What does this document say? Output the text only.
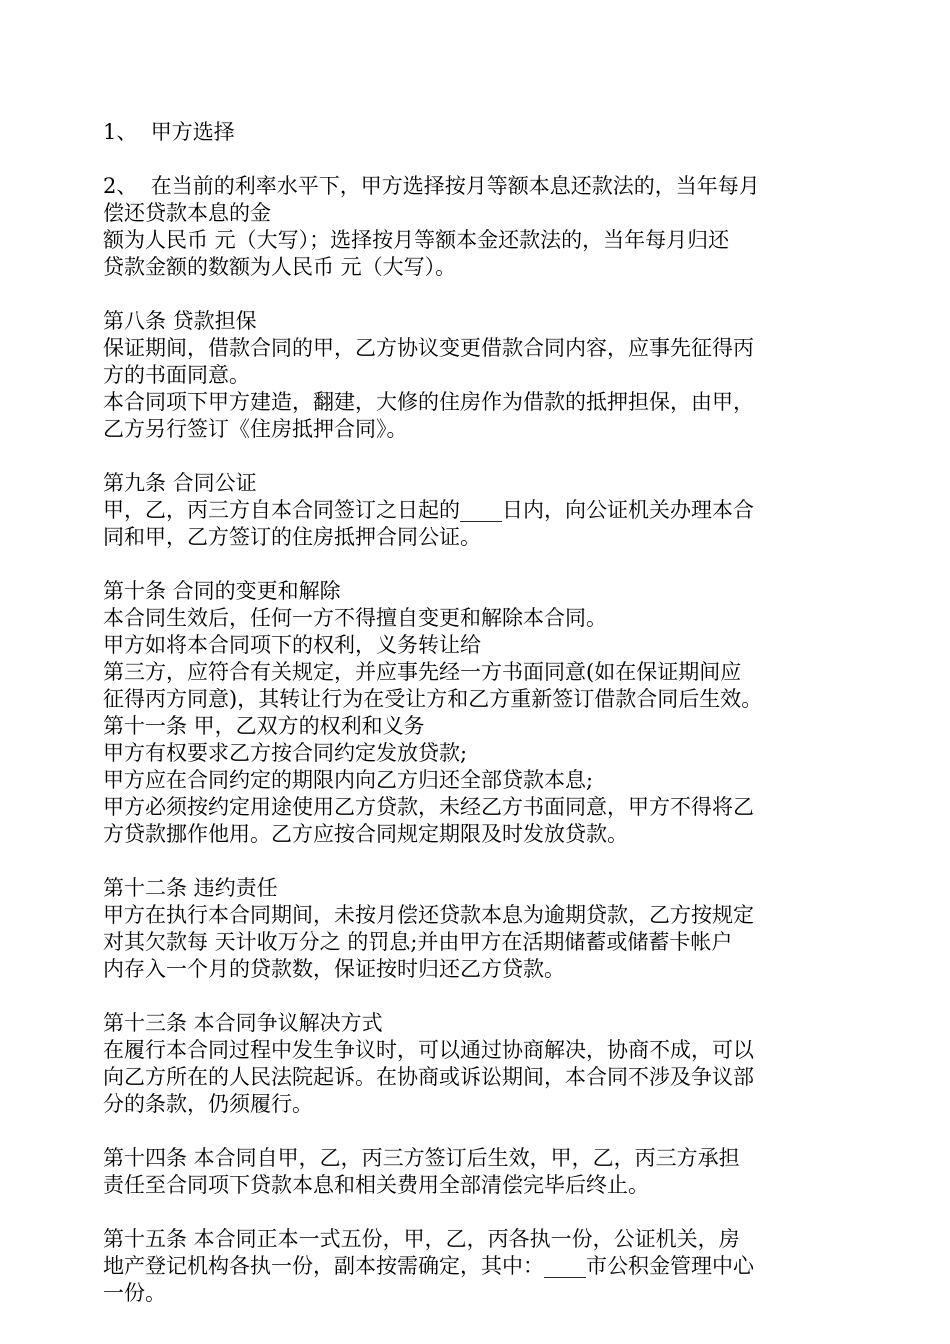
1、  甲方选择
2、  在当前的利率水平下，甲方选择按月等额本息还款法的，当年每月
偿还贷款本息的金
额为人民币 元（大写）；选择按月等额本金还款法的，当年每月归还
贷款金额的数额为人民币 元（大写）。
第八条 贷款担保
保证期间，借款合同的甲，乙方协议变更借款合同内容，应事先征得丙
方的书面同意。
本合同项下甲方建造，翻建，大修的住房作为借款的抵押担保，由甲，
乙方另行签订《住房抵押合同》。
第九条 合同公证
甲，乙，丙三方自本合同签订之日起的____日内，向公证机关办理本合
同和甲，乙方签订的住房抵押合同公证。
第十条 合同的变更和解除
本合同生效后，任何一方不得擅自变更和解除本合同。
甲方如将本合同项下的权利，义务转让给
第三方，应符合有关规定，并应事先经一方书面同意(如在保证期间应
征得丙方同意)，其转让行为在受让方和乙方重新签订借款合同后生效。
第十一条 甲，乙双方的权利和义务
甲方有权要求乙方按合同约定发放贷款;
甲方应在合同约定的期限内向乙方归还全部贷款本息;
甲方必须按约定用途使用乙方贷款，未经乙方书面同意，甲方不得将乙
方贷款挪作他用。乙方应按合同规定期限及时发放贷款。
第十二条 违约责任
甲方在执行本合同期间，未按月偿还贷款本息为逾期贷款，乙方按规定
对其欠款每 天计收万分之 的罚息;并由甲方在活期储蓄或储蓄卡帐户
内存入一个月的贷款数，保证按时归还乙方贷款。
第十三条 本合同争议解决方式
在履行本合同过程中发生争议时，可以通过协商解决，协商不成，可以
向乙方所在的人民法院起诉。在协商或诉讼期间，本合同不涉及争议部
分的条款，仍须履行。
第十四条 本合同自甲，乙，丙三方签订后生效，甲，乙，丙三方承担
责任至合同项下贷款本息和相关费用全部清偿完毕后终止。
第十五条 本合同正本一式五份，甲，乙，丙各执一份，公证机关，房
地产登记机构各执一份，副本按需确定，其中：____市公积金管理中心
一份。
